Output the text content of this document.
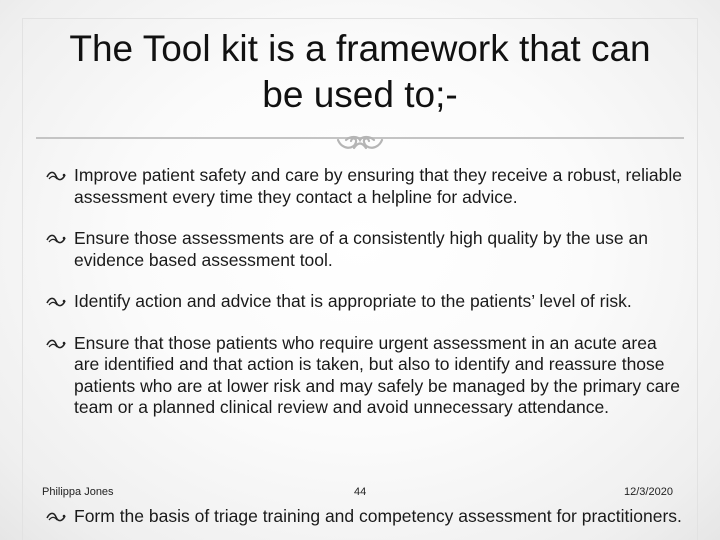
The Tool kit is a framework that can
be used to;-
Improve patient safety and care by ensuring that they receive a robust, reliable assessment every time they contact a helpline for advice.
Ensure those assessments are of a consistently high quality by the use an evidence based assessment tool.
Identify action and advice that is appropriate to the patients’ level of risk.
Ensure that those patients who require urgent assessment in an acute area are identified and that action is taken, but also to identify and reassure those patients who are at lower risk and may safely be managed by the primary care team or a planned clinical review and avoid unnecessary attendance.
Form the basis of triage training and competency assessment for practitioners.
Philippa Jones	44	12/3/2020
